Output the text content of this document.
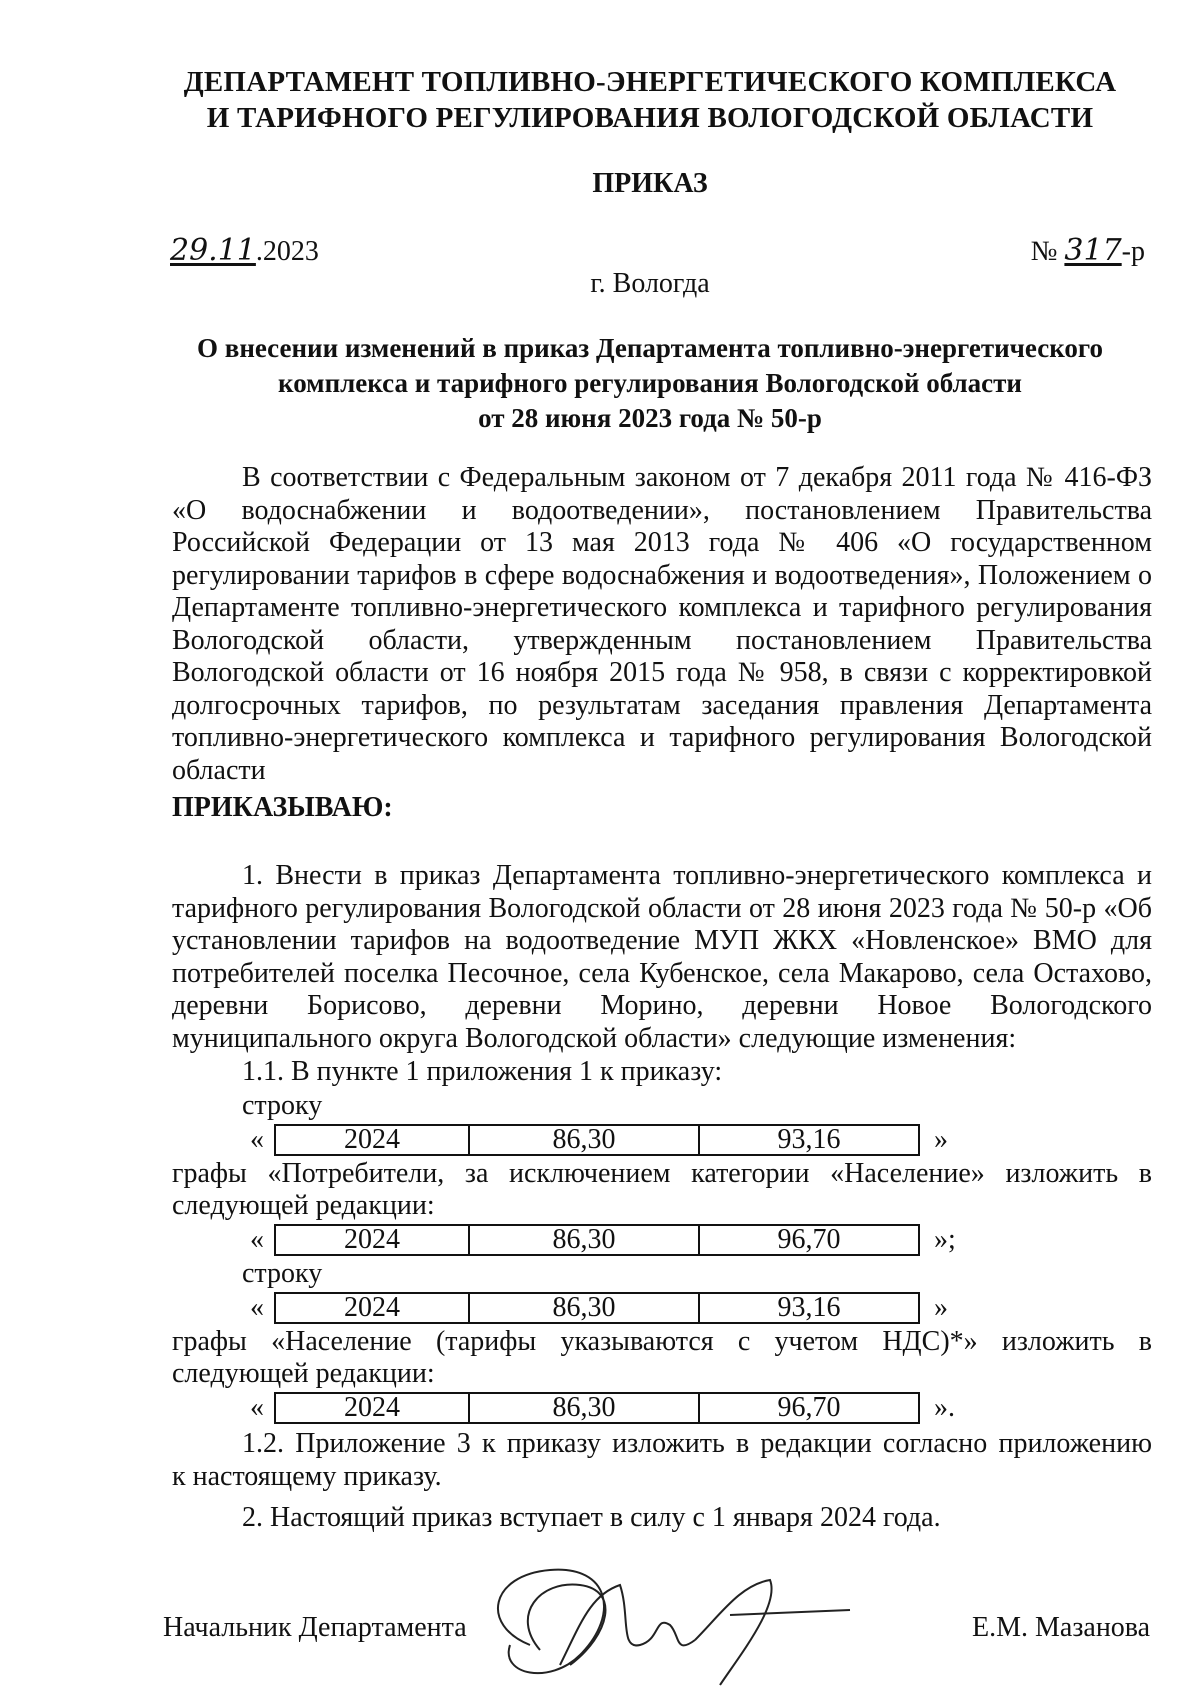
ДЕПАРТАМЕНТ ТОПЛИВНО-ЭНЕРГЕТИЧЕСКОГО КОМПЛЕКСА
И ТАРИФНОГО РЕГУЛИРОВАНИЯ ВОЛОГОДСКОЙ ОБЛАСТИ
ПРИКАЗ
29.11.2023	№ 317-р
г. Вологда
О внесении изменений в приказ Департамента топливно-энергетического
комплекса и тарифного регулирования Вологодской области
от 28 июня 2023 года № 50-р
В соответствии с Федеральным законом от 7 декабря 2011 года № 416-ФЗ «О водоснабжении и водоотведении», постановлением Правительства Российской Федерации от 13 мая 2013 года № 406 «О государственном регулировании тарифов в сфере водоснабжения и водоотведения», Положением о Департаменте топливно-энергетического комплекса и тарифного регулирования Вологодской области, утвержденным постановлением Правительства Вологодской области от 16 ноября 2015 года № 958, в связи с корректировкой долгосрочных тарифов, по результатам заседания правления Департамента топливно-энергетического комплекса и тарифного регулирования Вологодской области
ПРИКАЗЫВАЮ:
1. Внести в приказ Департамента топливно-энергетического комплекса и тарифного регулирования Вологодской области от 28 июня 2023 года № 50-р «Об установлении тарифов на водоотведение МУП ЖКХ «Новленское» ВМО для потребителей поселка Песочное, села Кубенское, села Макарово, села Остахово, деревни Борисово, деревни Морино, деревни Новое Вологодского муниципального округа Вологодской области» следующие изменения:
1.1. В пункте 1 приложения 1 к приказу:
строку
«	2024	86,30	93,16	»
графы «Потребители, за исключением категории «Население» изложить в
следующей редакции:
«	2024	86,30	96,70	»;
строку
«	2024	86,30	93,16	»
графы «Население (тарифы указываются с учетом НДС)*» изложить в
следующей редакции:
«	2024	86,30	96,70	».
1.2. Приложение 3 к приказу изложить в редакции согласно приложению
к настоящему приказу.
2. Настоящий приказ вступает в силу с 1 января 2024 года.
Начальник Департамента	Е.М. Мазанова
